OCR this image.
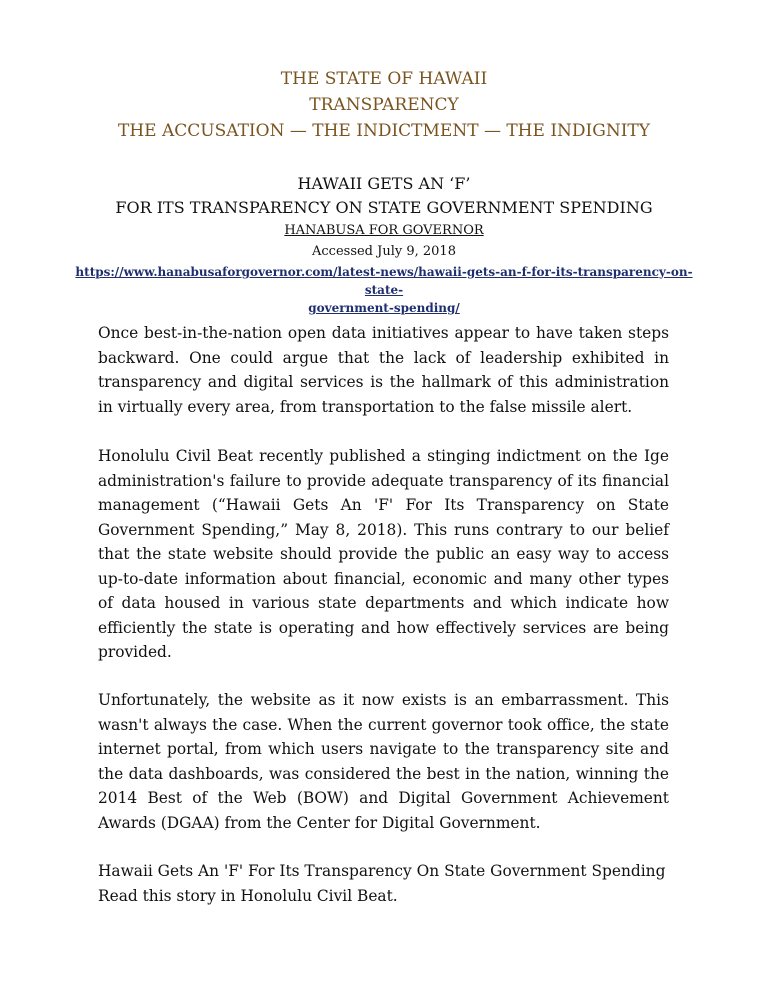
THE STATE OF HAWAII
TRANSPARENCY
THE ACCUSATION — THE INDICTMENT — THE INDIGNITY
HAWAII GETS AN ‘F’
FOR ITS TRANSPARENCY ON STATE GOVERNMENT SPENDING
HANABUSA FOR GOVERNOR
Accessed July 9, 2018
https://www.hanabusaforgovernor.com/latest-news/hawaii-gets-an-f-for-its-transparency-on-state-
government-spending/
Once best-in-the-nation open data initiatives appear to have taken steps backward. One could argue that the lack of leadership exhibited in transparency and digital services is the hallmark of this administration in virtually every area, from transportation to the false missile alert.
Honolulu Civil Beat recently published a stinging indictment on the Ige administration's failure to provide adequate transparency of its financial management (“Hawaii Gets An 'F' For Its Transparency on State Government Spending,” May 8, 2018). This runs contrary to our belief that the state website should provide the public an easy way to access up-to-date information about financial, economic and many other types of data housed in various state departments and which indicate how efficiently the state is operating and how effectively services are being provided.
Unfortunately, the website as it now exists is an embarrassment. This wasn't always the case. When the current governor took office, the state internet portal, from which users navigate to the transparency site and the data dashboards, was considered the best in the nation, winning the 2014 Best of the Web (BOW) and Digital Government Achievement Awards (DGAA) from the Center for Digital Government.
Hawaii Gets An 'F' For Its Transparency On State Government Spending
Read this story in Honolulu Civil Beat.
